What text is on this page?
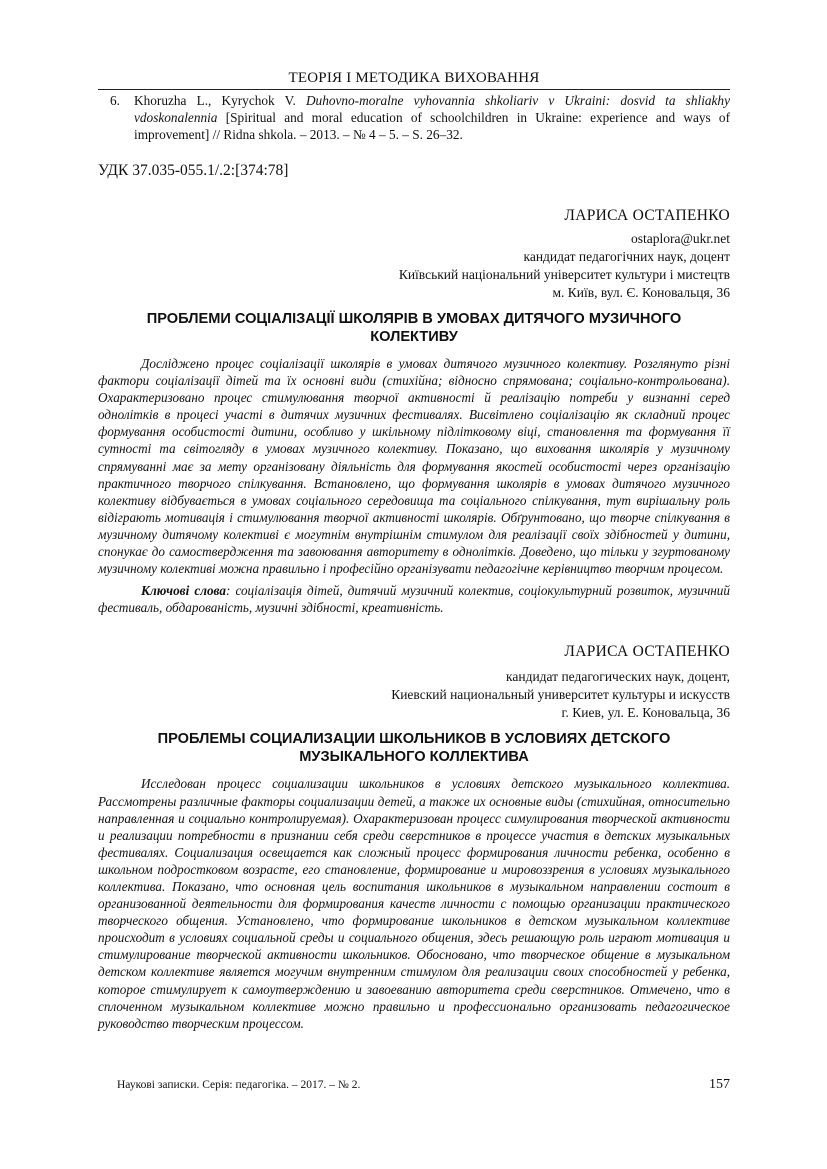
ТЕОРІЯ І МЕТОДИКА ВИХОВАННЯ
6.	Khoruzha L., Kyrychok V. Duhovno-moralne vyhovannia shkoliariv v Ukraini: dosvid ta shliakhy vdoskonalennia [Spiritual and moral education of schoolchildren in Ukraine: experience and ways of improvement] // Ridna shkola. – 2013. – № 4 – 5. – S. 26–32.
УДК 37.035-055.1/.2:[374:78]
ЛАРИСА ОСТАПЕНКО
ostaplora@ukr.net
кандидат педагогічних наук, доцент
Київський національний університет культури і мистецтв
м. Київ, вул. Є. Коновальця, 36
ПРОБЛЕМИ СОЦІАЛІЗАЦІЇ ШКОЛЯРІВ В УМОВАХ ДИТЯЧОГО МУЗИЧНОГО КОЛЕКТИВУ
Досліджено процес соціалізації школярів в умовах дитячого музичного колективу. Розглянуто різні фактори соціалізації дітей та їх основні види (стихійна; відносно спрямована; соціально-контрольована). Охарактеризовано процес стимулювання творчої активності й реалізацію потреби у визнанні серед однолітків в процесі участі в дитячих музичних фестивалях. Висвітлено соціалізацію як складний процес формування особистості дитини, особливо у шкільному підлітковому віці, становлення та формування її сутності та світогляду в умовах музичного колективу. Показано, що виховання школярів у музичному спрямуванні має за мету організовану діяльність для формування якостей особистості через організацію практичного творчого спілкування. Встановлено, що формування школярів в умовах дитячого музичного колективу відбувається в умовах соціального середовища та соціального спілкування, тут вирішальну роль відіграють мотивація і стимулювання творчої активності школярів. Обґрунтовано, що творче спілкування в музичному дитячому колективі є могутнім внутрішнім стимулом для реалізації своїх здібностей у дитини, спонукає до самоствердження та завоювання авторитету в однолітків. Доведено, що тільки у згуртованому музичному колективі можна правильно і професійно організувати педагогічне керівництво творчим процесом.
Ключові слова: соціалізація дітей, дитячий музичний колектив, соціокультурний розвиток, музичний фестиваль, обдарованість, музичні здібності, креативність.
ЛАРИСА ОСТАПЕНКО
кандидат педагогических наук, доцент,
Киевский национальный университет культуры и искусств
г. Киев, ул. Е. Коновальца, 36
ПРОБЛЕМЫ СОЦИАЛИЗАЦИИ ШКОЛЬНИКОВ В УСЛОВИЯХ ДЕТСКОГО МУЗЫКАЛЬНОГО КОЛЛЕКТИВА
Исследован процесс социализации школьников в условиях детского музыкального коллектива. Рассмотрены различные факторы социализации детей, а также их основные виды (стихийная, относительно направленная и социально контролируемая). Охарактеризован процесс симулирования творческой активности и реализации потребности в признании себя среди сверстников в процессе участия в детских музыкальных фестивалях. Социализация освещается как сложный процесс формирования личности ребенка, особенно в школьном подростковом возрасте, его становление, формирование и мировоззрения в условиях музыкального коллектива. Показано, что основная цель воспитания школьников в музыкальном направлении состоит в организованной деятельности для формирования качеств личности с помощью организации практического творческого общения. Установлено, что формирование школьников в детском музыкальном коллективе происходит в условиях социальной среды и социального общения, здесь решающую роль играют мотивация и стимулирование творческой активности школьников. Обосновано, что творческое общение в музыкальном детском коллективе является могучим внутренним стимулом для реализации своих способностей у ребенка, которое стимулирует к самоутверждению и завоеванию авторитета среди сверстников. Отмечено, что в сплоченном музыкальном коллективе можно правильно и профессионально организовать педагогическое руководство творческим процессом.
Наукові записки. Серія: педагогіка. – 2017. – № 2.	157
